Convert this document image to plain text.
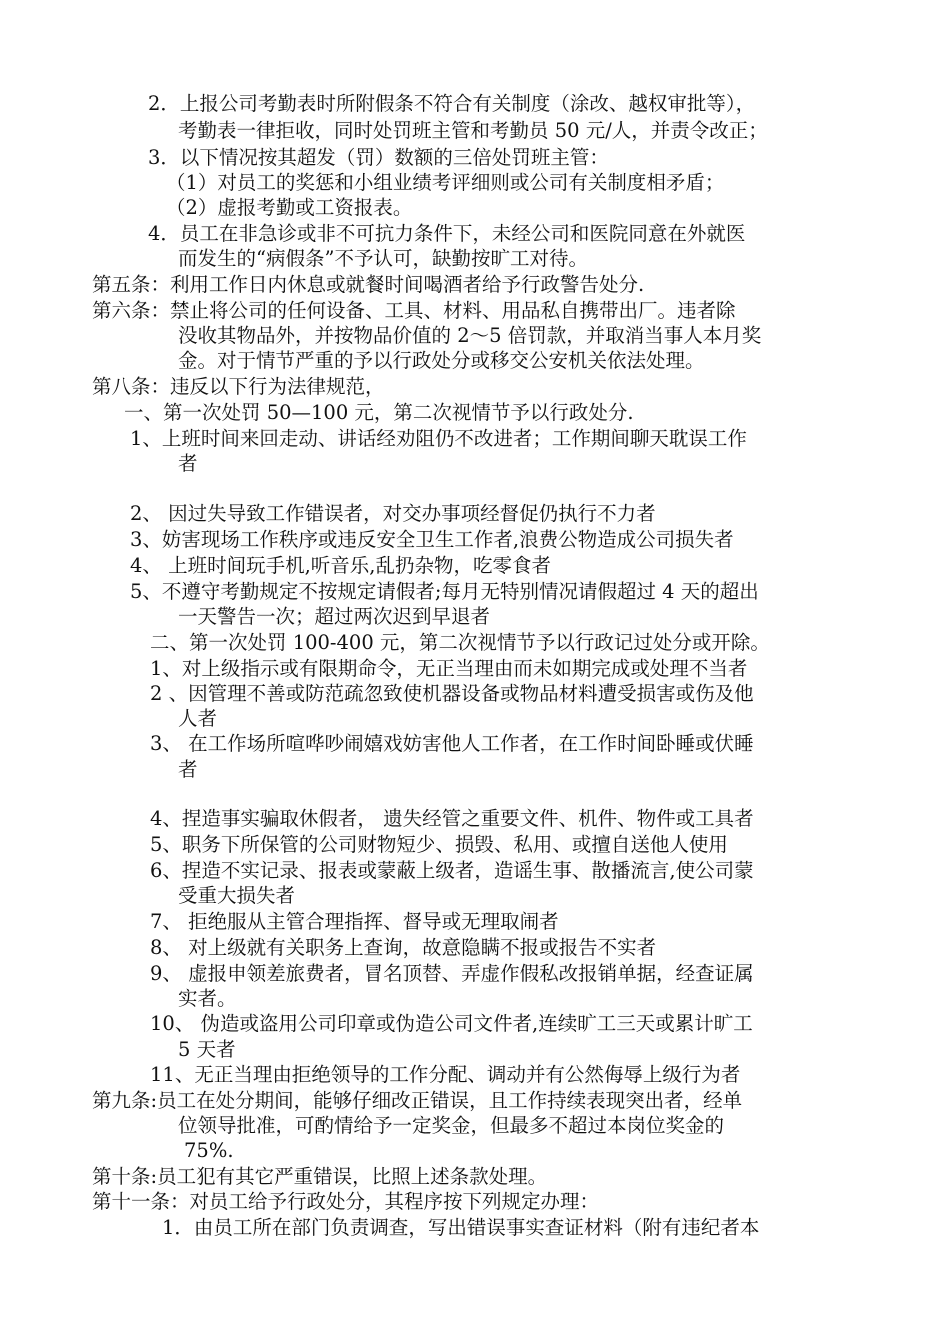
2．上报公司考勤表时所附假条不符合有关制度（涂改、越权审批等），

考勤表一律拒收，同时处罚班主管和考勤员 50 元/人，并责令改正；

3．以下情况按其超发（罚）数额的三倍处罚班主管：

（1）对员工的奖惩和小组业绩考评细则或公司有关制度相矛盾；

（2）虚报考勤或工资报表。

4．员工在非急诊或非不可抗力条件下，未经公司和医院同意在外就医

而发生的“病假条”不予认可，缺勤按旷工对待。

第五条：利用工作日内休息或就餐时间喝酒者给予行政警告处分.

第六条：禁止将公司的任何设备、工具、材料、用品私自携带出厂。违者除

没收其物品外，并按物品价值的 2～5 倍罚款，并取消当事人本月奖

金。对于情节严重的予以行政处分或移交公安机关依法处理。

第八条：违反以下行为法律规范，

一、第一次处罚 50—100 元，第二次视情节予以行政处分.

1、上班时间来回走动、讲话经劝阻仍不改进者；工作期间聊天耽误工作

者

2、 因过失导致工作错误者，对交办事项经督促仍执行不力者

3、妨害现场工作秩序或违反安全卫生工作者,浪费公物造成公司损失者

4、 上班时间玩手机,听音乐,乱扔杂物，吃零食者

5、不遵守考勤规定不按规定请假者;每月无特别情况请假超过 4 天的超出

一天警告一次；超过两次迟到早退者

二、第一次处罚 100-400 元，第二次视情节予以行政记过处分或开除。

1、对上级指示或有限期命令，无正当理由而未如期完成或处理不当者

2 、因管理不善或防范疏忽致使机器设备或物品材料遭受损害或伤及他

人者

3、 在工作场所喧哗吵闹嬉戏妨害他人工作者，在工作时间卧睡或伏睡

者

4、捏造事实骗取休假者， 遗失经管之重要文件、机件、物件或工具者

5、职务下所保管的公司财物短少、损毁、私用、或擅自送他人使用

6、捏造不实记录、报表或蒙蔽上级者，造谣生事、散播流言,使公司蒙

受重大损失者

7、 拒绝服从主管合理指挥、督导或无理取闹者

8、 对上级就有关职务上查询，故意隐瞒不报或报告不实者

9、 虚报申领差旅费者，冒名顶替、弄虚作假私改报销单据，经查证属

实者。

10、 伪造或盗用公司印章或伪造公司文件者,连续旷工三天或累计旷工

5 天者

11、无正当理由拒绝领导的工作分配、调动并有公然侮辱上级行为者

第九条:员工在处分期间，能够仔细改正错误，且工作持续表现突出者，经单

位领导批准，可酌情给予一定奖金，但最多不超过本岗位奖金的

75%.

第十条:员工犯有其它严重错误，比照上述条款处理。

第十一条：对员工给予行政处分，其程序按下列规定办理：

1．由员工所在部门负责调查，写出错误事实查证材料（附有违纪者本
